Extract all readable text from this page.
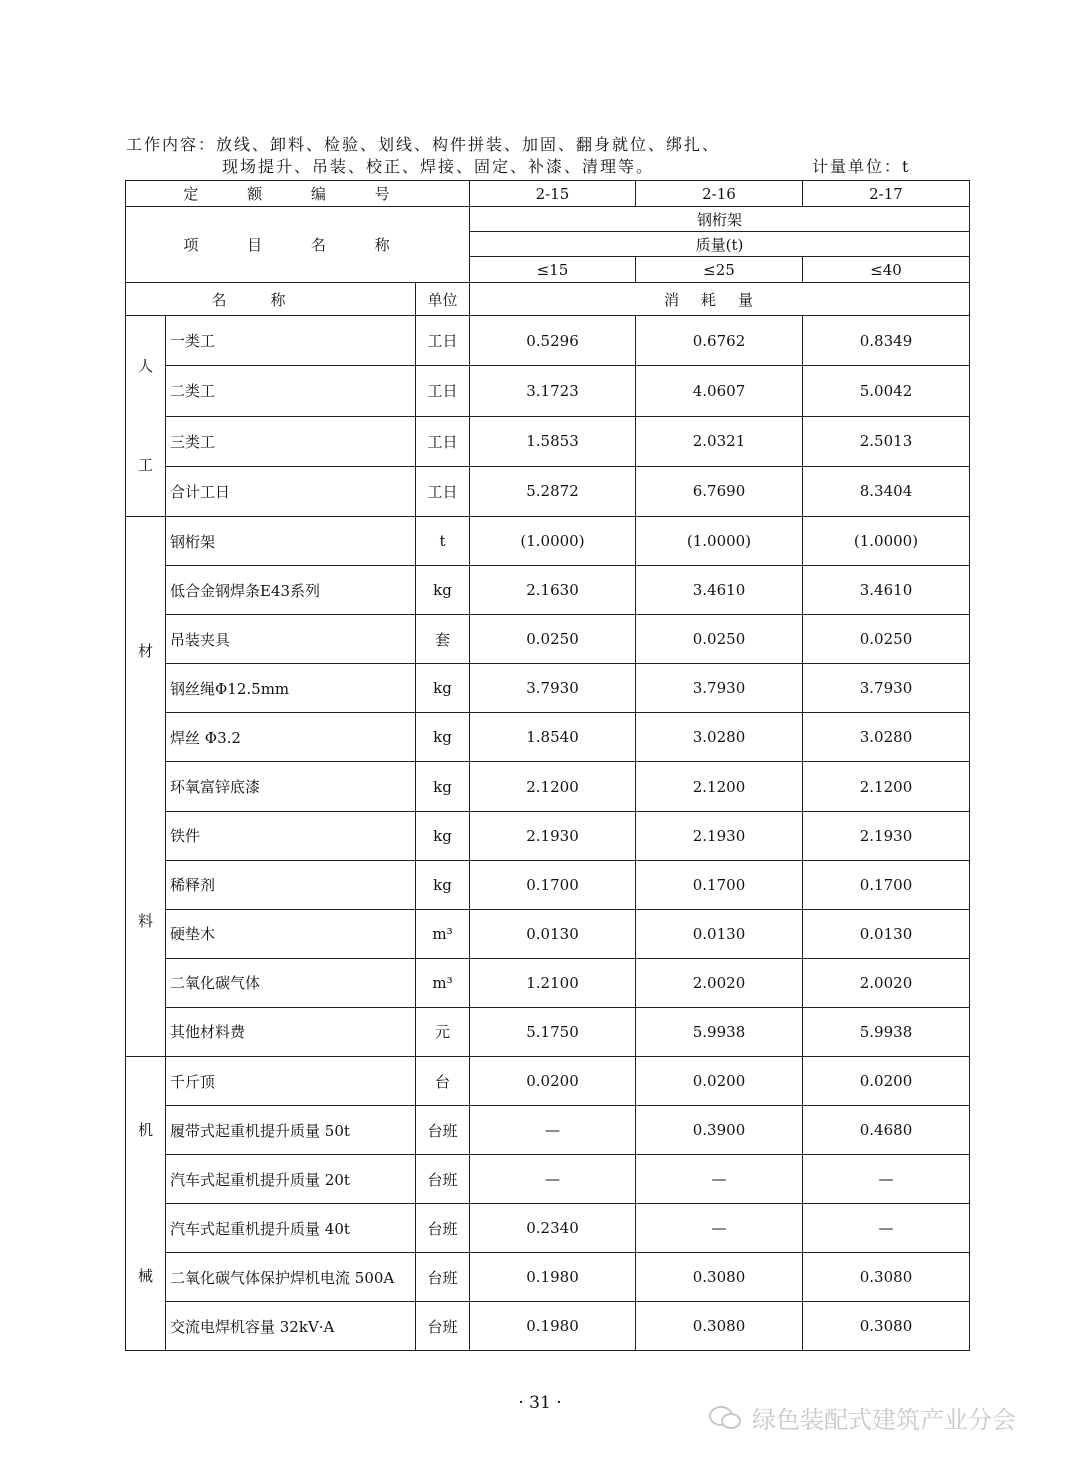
工作内容：放线、卸料、检验、划线、构件拼装、加固、翻身就位、绑扎、
现场提升、吊装、校正、焊接、固定、补漆、清理等。	计量单位：t
定 额 编 号			2-15	2-16	2-17
项 目 名 称			钢桁架		
			质量(t)		
			≤15	≤25	≤40
名称		单位	消耗量		

人
工	一类工	工日	0.5296	0.6762	0.8349
	二类工	工日	3.1723	4.0607	5.0042
	三类工	工日	1.5853	2.0321	2.5013
	合计工日	工日	5.2872	6.7690	8.3404

材
料	钢桁架	t	(1.0000)	(1.0000)	(1.0000)
	低合金钢焊条E43系列	kg	2.1630	3.4610	3.4610
	吊装夹具	套	0.0250	0.0250	0.0250
	钢丝绳Φ12.5mm	kg	3.7930	3.7930	3.7930
	焊丝 Φ3.2	kg	1.8540	3.0280	3.0280
	环氧富锌底漆	kg	2.1200	2.1200	2.1200
	铁件	kg	2.1930	2.1930	2.1930
	稀释剂	kg	0.1700	0.1700	0.1700
	硬垫木	m³	0.0130	0.0130	0.0130
	二氧化碳气体	m³	1.2100	2.0020	2.0020
	其他材料费	元	5.1750	5.9938	5.9938

机
械	千斤顶	台	0.0200	0.0200	0.0200
	履带式起重机提升质量 50t	台班	—	0.3900	0.4680
	汽车式起重机提升质量 20t	台班	—	—	—
	汽车式起重机提升质量 40t	台班	0.2340	—	—
	二氧化碳气体保护焊机电流 500A	台班	0.1980	0.3080	0.3080
	交流电焊机容量 32kV·A	台班	0.1980	0.3080	0.3080
· 31 ·
绿色装配式建筑产业分会
